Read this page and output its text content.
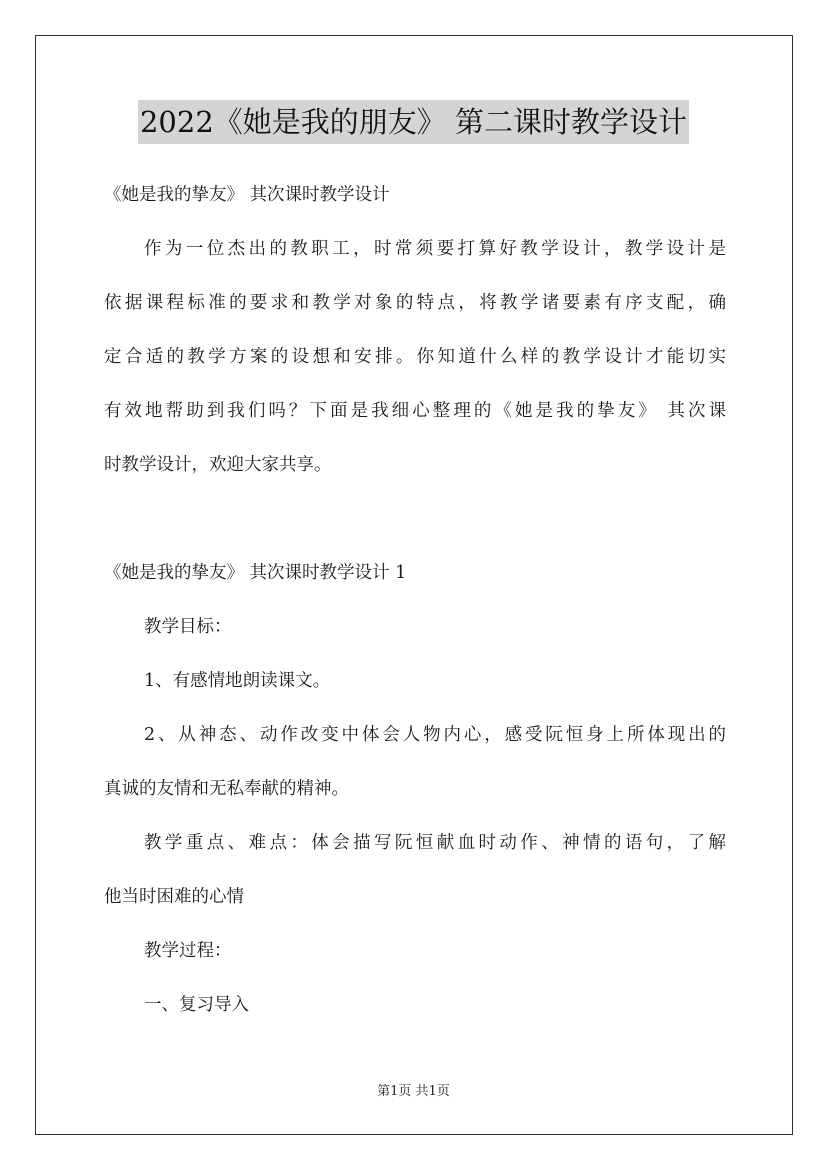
2022《她是我的朋友》 第二课时教学设计
《她是我的挚友》 其次课时教学设计
作为一位杰出的教职工，时常须要打算好教学设计，教学设计是
依据课程标准的要求和教学对象的特点，将教学诸要素有序支配，确
定合适的教学方案的设想和安排。你知道什么样的教学设计才能切实
有效地帮助到我们吗？下面是我细心整理的《她是我的挚友》 其次课
时教学设计，欢迎大家共享。
《她是我的挚友》 其次课时教学设计 1
教学目标：
1、有感情地朗读课文。
2、从神态、动作改变中体会人物内心，感受阮恒身上所体现出的
真诚的友情和无私奉献的精神。
教学重点、难点：体会描写阮恒献血时动作、神情的语句，了解
他当时困难的心情
教学过程：
一、复习导入
第1页 共1页
